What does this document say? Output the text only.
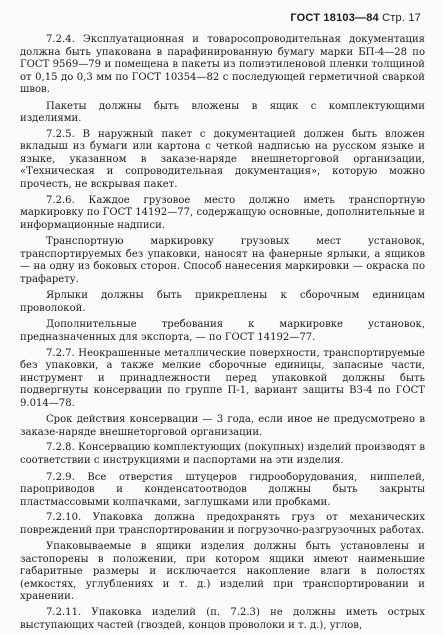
ГОСТ 18103—84 Стр. 17

7.2.4. Эксплуатационная и товаросопроводительная документация должна быть упакована в парафинированную бумагу марки БП-4—28 по ГОСТ 9569—79 и помещена в пакеты из полиэтиленовой пленки толщиной от 0,15 до 0,3 мм по ГОСТ 10354—82 с последующей герметичной сваркой швов.

Пакеты должны быть вложены в ящик с комплектующими изделиями.

7.2.5. В наружный пакет с документацией должен быть вложен вкладыш из бумаги или картона с четкой надписью на русском языке и языке, указанном в заказе-наряде внешнеторговой организации, «Техническая и сопроводительная документация», которую можно прочесть, не вскрывая пакет.

7.2.6. Каждое грузовое место должно иметь транспортную маркировку по ГОСТ 14192—77, содержащую основные, дополнительные и информационные надписи.

Транспортную маркировку грузовых мест установок, транспортируемых без упаковки, наносят на фанерные ярлыки, а ящиков — на одну из боковых сторон. Способ нанесения маркировки — окраска по трафарету.

Ярлыки должны быть прикреплены к сборочным единицам проволокой.

Дополнительные требования к маркировке установок, предназначенных для экспорта, — по ГОСТ 14192—77.

7.2.7. Неокрашенные металлические поверхности, транспортируемые без упаковки, а также мелкие сборочные единицы, запасные части, инструмент и принадлежности перед упаковкой должны быть подвергнуты консервации по группе П-1, вариант защиты ВЗ-4 по ГОСТ 9.014—78.

Срок действия консервации — 3 года, если иное не предусмотрено в заказе-наряде внешнеторговой организации.

7.2.8. Консервацию комплектующих (покупных) изделий производят в соответствии с инструкциями и паспортами на эти изделия.

7.2.9. Все отверстия штуцеров гидрооборудования, ниппелей, пароприводов и конденсатоотводов должны быть закрыты пластмассовыми колпачками, заглушками или пробками.

7.2.10. Упаковка должна предохранять груз от механических повреждений при транспортировании и погрузочно-разгрузочных работах.

Упаковываемые в ящики изделия должны быть установлены и застопорены в положении, при котором ящики имеют наименьшие габаритные размеры и исключается накопление влаги в полостях (емкостях, углублениях и т. д.) изделий при транспортировании и хранении.

7.2.11. Упаковка изделий (п. 7.2.3) не должны иметь острых выступающих частей (гвоздей, концов проволоки и т. д.), углов,
